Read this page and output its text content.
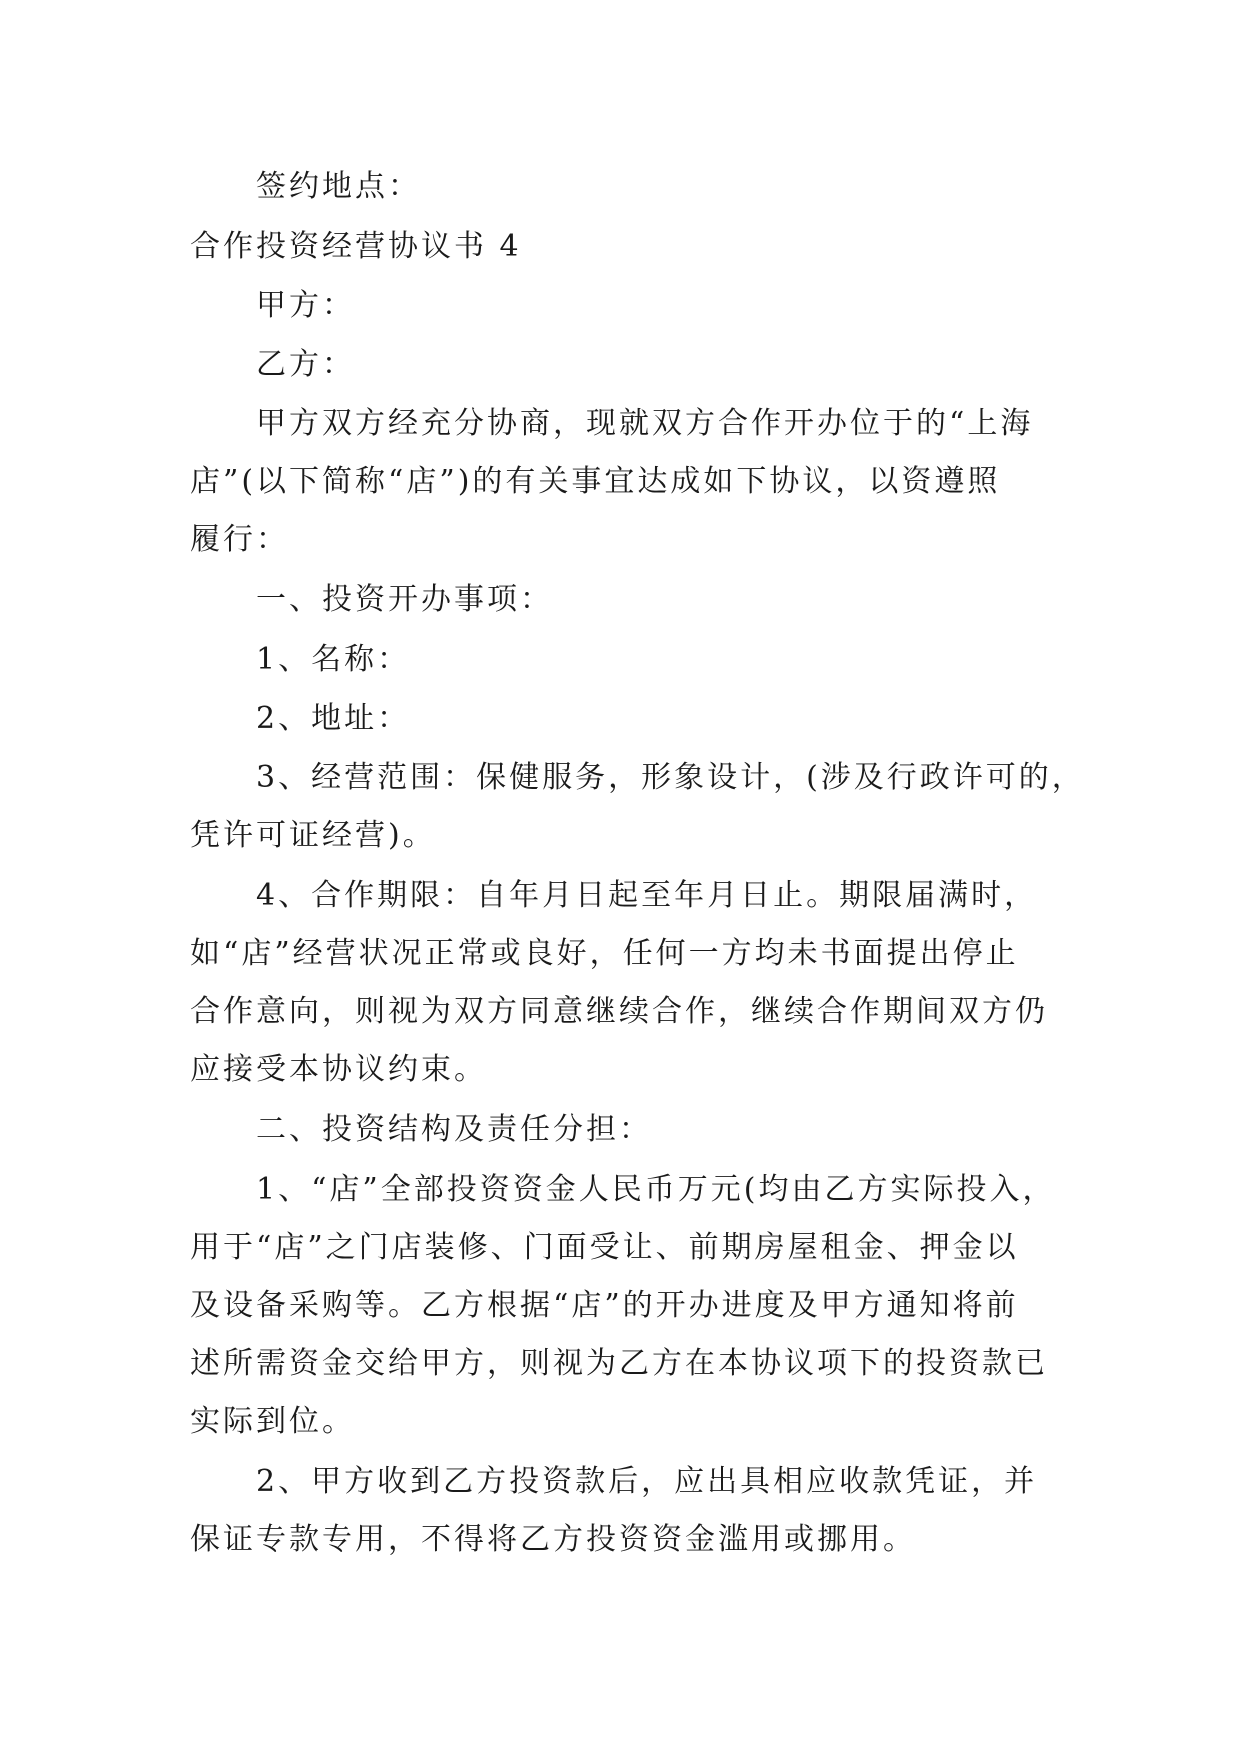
签约地点：
合作投资经营协议书 4
甲方：
乙方：
甲方双方经充分协商，现就双方合作开办位于的“上海
店”(以下简称“店”)的有关事宜达成如下协议，以资遵照
履行：
一、投资开办事项：
1、名称：
2、地址：
3、经营范围：保健服务，形象设计，(涉及行政许可的，
凭许可证经营)。
4、合作期限：自年月日起至年月日止。期限届满时，
如“店”经营状况正常或良好，任何一方均未书面提出停止
合作意向，则视为双方同意继续合作，继续合作期间双方仍
应接受本协议约束。
二、投资结构及责任分担：
1、“店”全部投资资金人民币万元(均由乙方实际投入，
用于“店”之门店装修、门面受让、前期房屋租金、押金以
及设备采购等。乙方根据“店”的开办进度及甲方通知将前
述所需资金交给甲方，则视为乙方在本协议项下的投资款已
实际到位。
2、甲方收到乙方投资款后，应出具相应收款凭证，并
保证专款专用，不得将乙方投资资金滥用或挪用。
